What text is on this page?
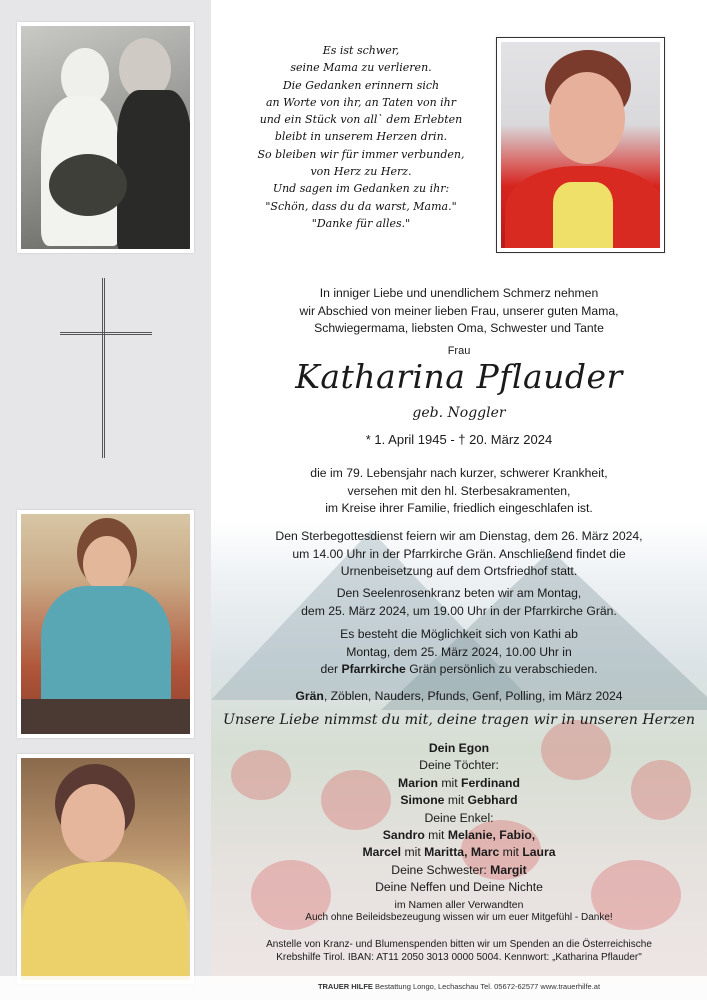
Es ist schwer,
seine Mama zu verlieren.
Die Gedanken erinnern sich
an Worte von ihr, an Taten von ihr
und ein Stück von all` dem Erlebten
bleibt in unserem Herzen drin.
So bleiben wir für immer verbunden,
von Herz zu Herz.
Und sagen im Gedanken zu ihr:
"Schön, dass du da warst, Mama."
"Danke für alles."
In inniger Liebe und unendlichem Schmerz nehmen
wir Abschied von meiner lieben Frau, unserer guten Mama,
Schwiegermama, liebsten Oma, Schwester und Tante
Frau
Katharina Pflauder
geb. Noggler
* 1. April 1945 - † 20. März 2024
die im 79. Lebensjahr nach kurzer, schwerer Krankheit,
versehen mit den hl. Sterbesakramenten,
im Kreise ihrer Familie, friedlich eingeschlafen ist.
Den Sterbegottesdienst feiern wir am Dienstag, dem 26. März 2024,
um 14.00 Uhr in der Pfarrkirche Grän. Anschließend findet die
Urnenbeisetzung auf dem Ortsfriedhof statt.
Den Seelenrosenkranz beten wir am Montag,
dem 25. März 2024, um 19.00 Uhr in der Pfarrkirche Grän.
Es besteht die Möglichkeit sich von Kathi ab
Montag, dem 25. März 2024, 10.00 Uhr in
der Pfarrkirche Grän persönlich zu verabschieden.
Grän, Zöblen, Nauders, Pfunds, Genf, Polling, im März 2024
Unsere Liebe nimmst du mit, deine tragen wir in unseren Herzen
Dein Egon
Deine Töchter:
Marion mit Ferdinand
Simone mit Gebhard
Deine Enkel:
Sandro mit Melanie, Fabio,
Marcel mit Maritta, Marc mit Laura
Deine Schwester: Margit
Deine Neffen und Deine Nichte
im Namen aller Verwandten
Auch ohne Beileidsbezeugung wissen wir um euer Mitgefühl - Danke!
Anstelle von Kranz- und Blumenspenden bitten wir um Spenden an die Österreichische
Krebshilfe Tirol. IBAN: AT11 2050 3013 0000 5004. Kennwort: „Katharina Pflauder"
TRAUER HILFE Bestattung Longo, Lechaschau Tel. 05672-62577 www.trauerhilfe.at
